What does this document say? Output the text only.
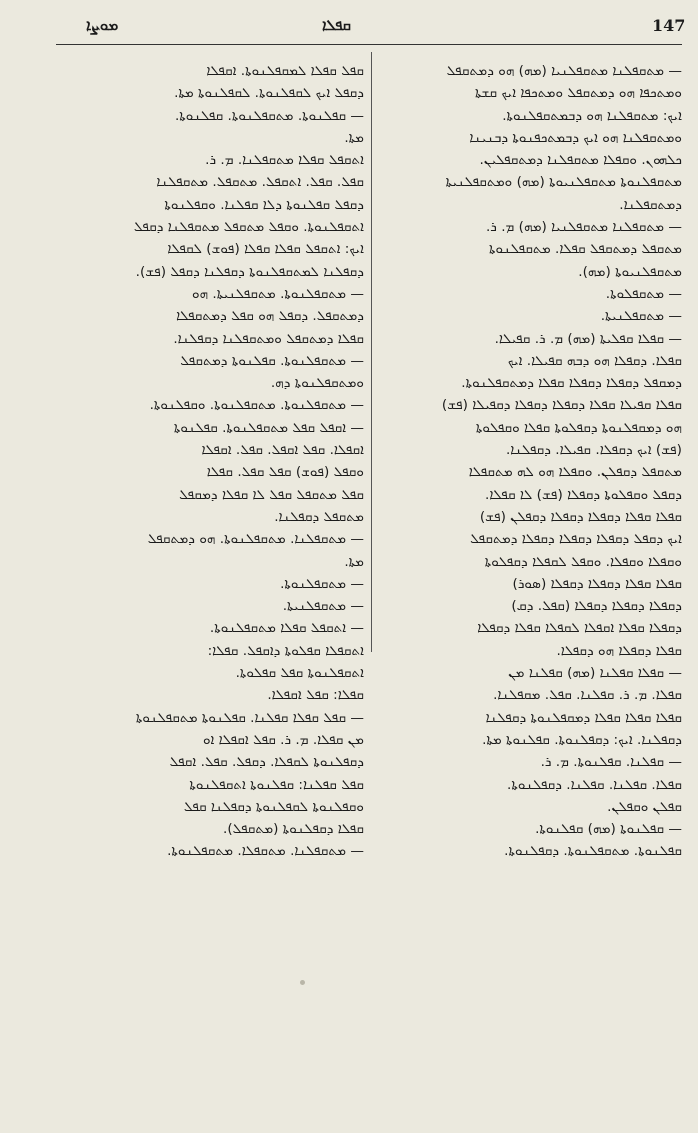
ܡܘܨܐ	ܩܦܠܐ	147

— ܡܬܩܦܠܢܐ ܡܬܩܦܠܢܝܐ (ܡܗ) ܗܘ ܕܡܬܩܦܠ

ܘܡܬܟܦܐ ܗܘ ܕܡܬܩܦܠ ܘܡܬܟܦܐ ܐܝܟ ܩܫܬܐ

ܐܝܟ: ܡܬܩܦܠܢܐ ܗܘ ܕܒܡܬܩܦܠܢܘܬܐ.

ܘܡܬܩܦܠܢܐ ܗܘ ܐܝܟ ܕܒܡܬܟܦܢܘܬܐ ܕܒܢܝܢܐ

ܟܠܗܘܢ. ܘܩܦܠܐ ܡܬܩܦܠܢܐ ܕܡܬܩܦܠܝܢ.

ܡܬܩܦܠܢܘܬܐ ܡܬܩܦܠܢܝܘܬܐ (ܡܗ) ܘܡܬܩܦܠܢܝܬܐ

ܕܡܬܩܦܠܢܐ.

— ܡܬܩܦܠܢܐ ܡܬܩܦܠܢܝܐ (ܡܗ) ܡ. ܪ.

ܡܬܩܦܠ ܕܡܬܩܦܠ ܩܦܠܐ. ܡܬܩܦܠܢܘܬܐ

ܡܬܩܦܠܢܝܘܬܐ (ܡܗ).

— ܡܬܩܦܠܘܬܐ.

— ܡܬܩܦܠܢܝܬܐ.

— ܩܦܠܐ ܩܦܠܝܬܐ (ܡܗ) ܡ. ܪ. ܩܦܝܠܐ.

ܩܦܠܐ. ܕܩܦܠܐ ܗܘ ܕܒܗ ܩܦܝܠܐ. ܐܝܟ

ܕܡܩܦܠ ܕܩܦܠܐ ܕܩܦܠܐ ܩܦܠܐ ܕܡܬܩܦܠܢܘܬܐ.

ܩܦܠܐ ܩܦܝܠܐ ܩܦܠܐ ܕܩܦܠܐ ܕܩܦܠܐ ܕܩܦܝܠܐ (ܦܫ)

ܗܘ ܕܡܩܦܠܢܘܬܐ ܕܩܦܠܘܬܐ ܩܦܠܐ ܘܩܦܠܘܬܐ

(ܦܫ) ܐܝܟ ܕܩܦܠܐ. ܩܦܝܠܐ. ܕܩܦܠܢܐ.

ܡܬܩܦܠ ܕܩܦܠܢ. ܘܩܦܠܐ ܗܘ ܠܗ ܡܬܩܦܠܐ

ܕܩܦܠ ܘܩܦܠܘܬܐ ܕܩܦܠܐ (ܦܫ) ܠܐ ܩܦܠܐ.

ܩܦܠܐ ܩܦܠܐ ܕܩܦܠܐ ܕܩܦܠܐ ܕܩܦܠܢ (ܦܫ)

ܐܝܟ ܕܩܦܠ ܕܩܦܠܐ ܕܩܦܠܐ ܕܩܦܠܐ ܕܡܬܩܦܠ

ܘܩܦܠܐ ܘܩܦܠܐ. ܘܩܦܠ ܠܩܦܠܐ ܕܩܦܠܘܬܐ

ܩܦܠܐ ܩܦܠܐ ܕܩܦܠܐ ܕܩܦܠܐ (ܣܘܪ)

ܕܩܦܠܐ ܕܩܦܠܐ ܕܩܦܠܐ (ܩܦܠ. ܕܩ)

ܕܩܦܠܐ ܩܦܠܐ ܐܩܦܠܐ ܠܩܦܠܐ ܩܦܠܐ ܕܩܦܠܐ

ܩܦܠܐ ܕܩܦܠܐ ܗܘ ܕܩܦܠܐ.

— ܩܦܠܐ ܩܦܠܢܐ (ܡܗ) ܩܦܠܢܐ ܡܢ

ܩܦܠܐ. ܡ. ܪ. ܩܦܠܢܐ. ܩܦܠ. ܡܩܦܠܢܐ.

ܩܦܠܐ ܩܦܠܐ ܩܦܠܐ ܕܡܩܦܠܢܘܬܐ ܕܩܦܠܢܐ

ܕܩܦܠܢܐ. ܐܝܟ: ܕܩܦܠܢܘܬܐ. ܩܦܠܢܘܬܐ ܡܬܐ.

— ܩܦܠܢܐ. ܩܦܠܢܘܬܐ. ܡ. ܪ.

ܩܦܠܐ. ܩܦܠܢܐ. ܩܦܠܢܐ. ܕܩܦܠܢܘܬܐ.

ܩܦܠܢ ܘܩܦܠܢ.

— ܩܦܠܢܘܬܐ (ܡܗ) ܩܦܠܢܘܬܐ.

ܩܦܠܢܘܬܐ. ܡܬܩܦܠܢܘܬܐ. ܕܩܦܠܢܘܬܐ.

ܩܦܠ ܩܦܠܐ ܠܡܩܦܠܢܘܬܐ. ܐܩܦܠܐ

ܕܩܦܠ ܐܝܟ ܠܩܦܠܢܘܬܐ. ܠܩܦܠܢܘܬܐ ܡܬܐ.

— ܩܦܠܢܘܬܐ. ܡܬܩܦܠܢܘܬܐ. ܩܦܠܢܘܬܐ.

ܡܬܐ.

ܐܬܩܦܠ ܩܦܠܐ ܡܬܩܦܠܢܐ. ܡ. ܪ.

ܩܦܠ. ܩܦܠ. ܐܬܩܦܠ. ܡܬܩܦܠ. ܡܬܩܦܠܢܐ

ܕܩܦܠ ܩܦܠܢܘܬܐ ܕܠܐ ܩܦܠܢܐ. ܘܩܦܠܢܘܬܐ

ܐܬܩܦܠܢܘܬܐ. ܘܩܦܠ ܡܬܩܦܠ ܡܬܩܦܠܢܐ ܕܩܦܠ

ܐܝܟ: ܐܬܩܦܠ ܩܦܠܐ ܩܦܠܐ (ܦܘܫ) ܠܩܦܠܐ

ܕܩܦܠܢܐ ܠܡܬܩܦܠܢܘܬܐ ܕܩܦܠܢܐ ܕܩܦܠ (ܦܫ).

— ܡܬܩܦܠܢܘܬܐ. ܡܬܩܦܠܢܝܬܐ. ܗܘ

ܕܡܬܩܦܠ. ܕܩܦܠ ܗܘ ܩܦܠ ܕܡܬܩܦܠܐ

ܩܦܠܐ ܕܡܬܩܦܠ ܘܡܬܩܦܠܢܐ ܕܩܦܠܢܐ.

— ܡܬܩܦܠܢܘܬܐ. ܩܦܠܢܘܬܐ ܕܡܬܩܦܠ

ܘܡܬܩܦܠܢܘܬܐ ܕܗ.

— ܡܬܩܦܠܢܘܬܐ. ܡܬܩܦܠܢܘܬܐ. ܘܩܦܠܢܘܬܐ.

— ܐܩܦܠ ܩܦܠ ܡܬܩܦܠܢܘܬܐ. ܩܦܠܢܘܬܐ

ܐܩܦܠܐ. ܩܦܠ ܐܩܦܠ. ܩܦܠ. ܐܩܦܠܐ

ܘܩܦܠ (ܦܘܫ) ܩܦܠ ܩܦܠ. ܩܦܠܐ

ܩܦܠ ܡܬܩܦܠ ܩܦܠ ܠܐ ܩܦܠܐ ܕܡܩܦܠ

ܡܬܩܦܠ ܕܩܦܠܢܐ.

— ܡܬܩܦܠܢܐ. ܡܬܩܦܠܢܘܬܐ. ܗܘ ܕܡܬܩܦܠ

ܡܬܐ.

— ܡܬܩܦܠܢܘܬܐ.

— ܡܬܩܦܠܢܝܬܐ.

— ܐܬܩܦܠ ܩܦܠܐ ܡܬܩܦܠܢܘܬܐ.

ܐܬܩܦܠܐ ܩܦܠܘܬܐ ܕܐܩܦܠ. ܩܦܠܐ:

ܐܬܩܦܠܢܘܬܐ ܩܦܠ ܩܦܠܘܬܐ.

ܩܦܠܐ: ܩܦܠ ܐܩܦܠܐ.

— ܩܦܠ ܩܦܠܐ ܩܦܠܢܐ. ܩܦܠܢܘܬܐ ܡܬܩܦܠܢܘܬܐ

ܡܢ ܩܦܠܐ. ܡ. ܪ. ܩܦܠ ܐܩܦܠܐ ܐܘ

ܕܩܦܠܢܘܬܐ ܠܩܦܠܐ. ܕܩܦܠ. ܩܦܠ. ܐܩܦܠ

ܩܦܠ ܩܦܠܢܐ: ܩܦܠܢܘܬܐ ܐܬܩܦܠܢܘܬܐ

ܘܩܦܠܢܘܬܐ ܠܩܦܠܢܘܬܐ ܕܩܦܠܢܐ ܩܦܠ

ܩܦܠܐ ܕܩܦܠܢܘܬܐ (ܡܬܩܦܠ).

— ܡܬܩܦܠܢܐ. ܡܬܩܦܠܐ. ܡܬܩܦܠܢܘܬܐ.
